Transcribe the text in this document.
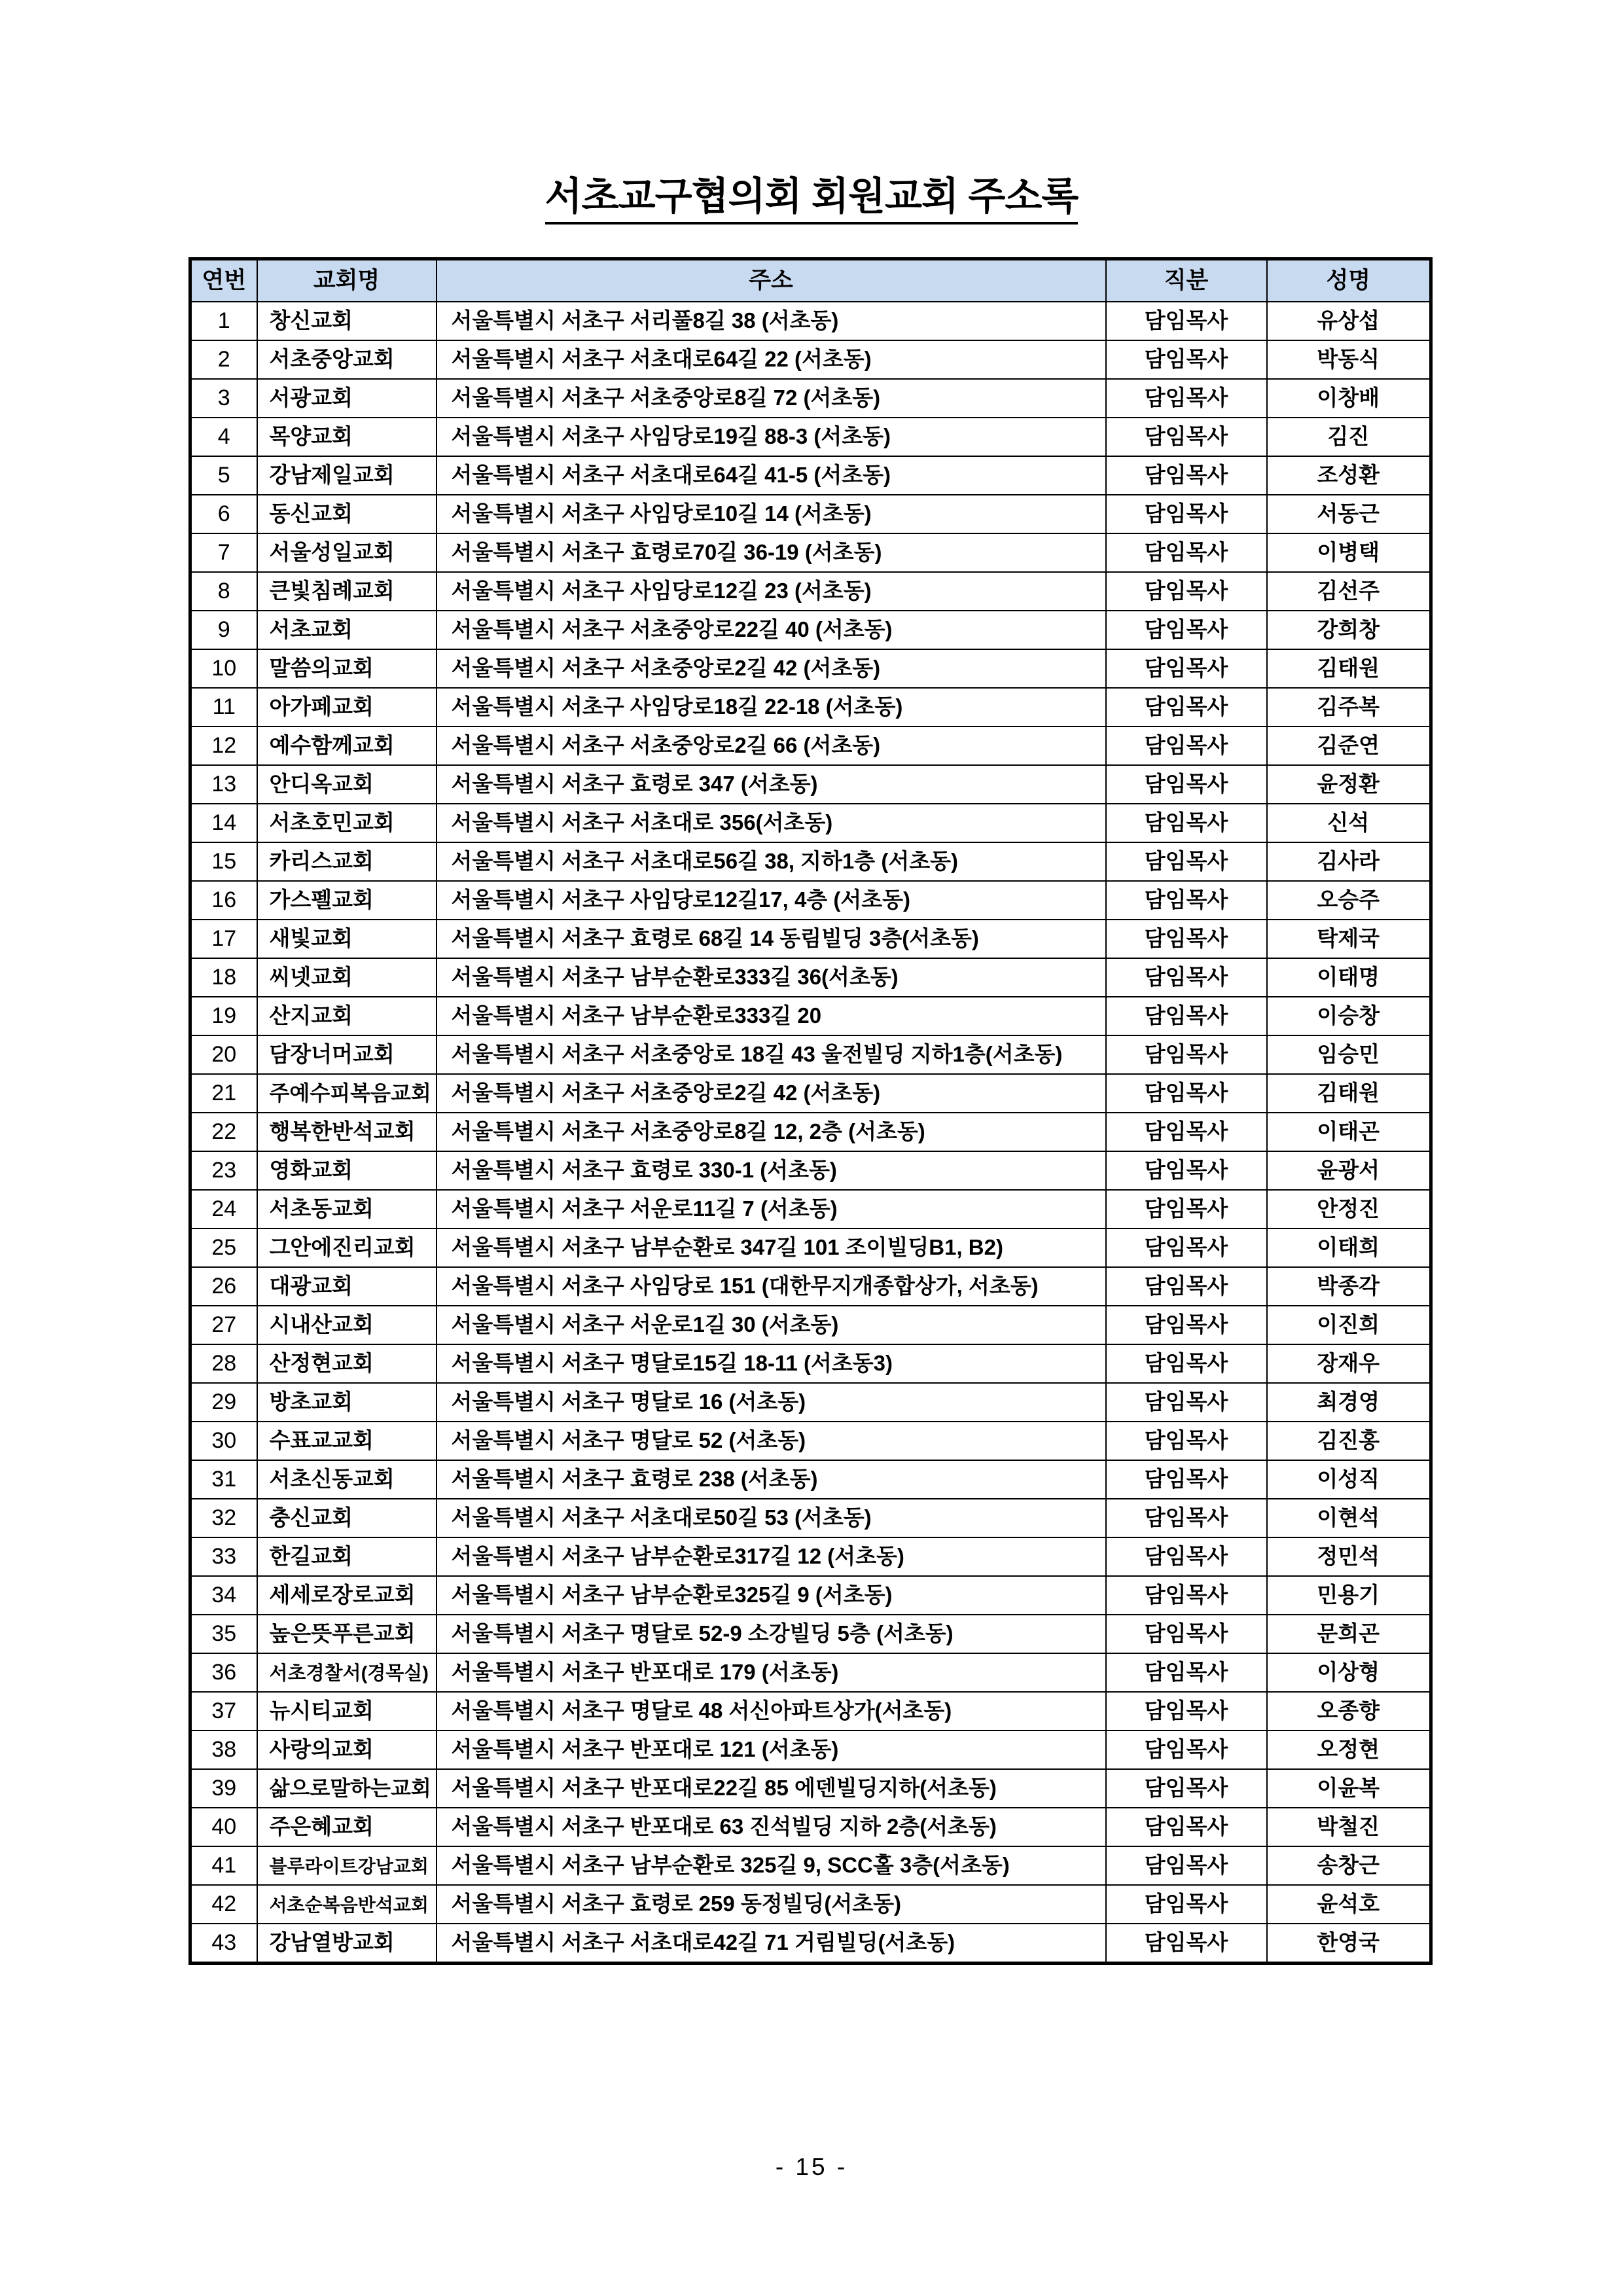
서초교구협의회 회원교회 주소록
연번	교회명	주소	직분	성명
1	창신교회	서울특별시 서초구 서리풀8길 38 (서초동)	담임목사	유상섭
2	서초중앙교회	서울특별시 서초구 서초대로64길 22 (서초동)	담임목사	박동식
3	서광교회	서울특별시 서초구 서초중앙로8길 72 (서초동)	담임목사	이창배
4	목양교회	서울특별시 서초구 사임당로19길 88-3 (서초동)	담임목사	김진
5	강남제일교회	서울특별시 서초구 서초대로64길 41-5 (서초동)	담임목사	조성환
6	동신교회	서울특별시 서초구 사임당로10길 14 (서초동)	담임목사	서동근
7	서울성일교회	서울특별시 서초구 효령로70길 36-19 (서초동)	담임목사	이병택
8	큰빛침례교회	서울특별시 서초구 사임당로12길 23 (서초동)	담임목사	김선주
9	서초교회	서울특별시 서초구 서초중앙로22길 40 (서초동)	담임목사	강희창
10	말씀의교회	서울특별시 서초구 서초중앙로2길 42 (서초동)	담임목사	김태원
11	아가페교회	서울특별시 서초구 사임당로18길 22-18 (서초동)	담임목사	김주복
12	예수함께교회	서울특별시 서초구 서초중앙로2길 66 (서초동)	담임목사	김준연
13	안디옥교회	서울특별시 서초구 효령로 347 (서초동)	담임목사	윤정환
14	서초호민교회	서울특별시 서초구 서초대로 356(서초동)	담임목사	신석
15	카리스교회	서울특별시 서초구 서초대로56길 38, 지하1층 (서초동)	담임목사	김사라
16	가스펠교회	서울특별시 서초구 사임당로12길17, 4층 (서초동)	담임목사	오승주
17	새빛교회	서울특별시 서초구 효령로 68길 14 동림빌딩 3층(서초동)	담임목사	탁제국
18	씨넷교회	서울특별시 서초구 남부순환로333길 36(서초동)	담임목사	이태명
19	산지교회	서울특별시 서초구 남부순환로333길 20	담임목사	이승창
20	담장너머교회	서울특별시 서초구 서초중앙로 18길 43 울전빌딩 지하1층(서초동)	담임목사	임승민
21	주예수피복음교회	서울특별시 서초구 서초중앙로2길 42 (서초동)	담임목사	김태원
22	행복한반석교회	서울특별시 서초구 서초중앙로8길 12, 2층 (서초동)	담임목사	이태곤
23	영화교회	서울특별시 서초구 효령로 330-1 (서초동)	담임목사	윤광서
24	서초동교회	서울특별시 서초구 서운로11길 7 (서초동)	담임목사	안정진
25	그안에진리교회	서울특별시 서초구 남부순환로 347길 101 조이빌딩B1, B2)	담임목사	이태희
26	대광교회	서울특별시 서초구 사임당로 151 (대한무지개종합상가, 서초동)	담임목사	박종각
27	시내산교회	서울특별시 서초구 서운로1길 30 (서초동)	담임목사	이진희
28	산정현교회	서울특별시 서초구 명달로15길 18-11 (서초동3)	담임목사	장재우
29	방초교회	서울특별시 서초구 명달로 16 (서초동)	담임목사	최경영
30	수표교교회	서울특별시 서초구 명달로 52 (서초동)	담임목사	김진홍
31	서초신동교회	서울특별시 서초구 효령로 238 (서초동)	담임목사	이성직
32	충신교회	서울특별시 서초구 서초대로50길 53 (서초동)	담임목사	이현석
33	한길교회	서울특별시 서초구 남부순환로317길 12 (서초동)	담임목사	정민석
34	세세로장로교회	서울특별시 서초구 남부순환로325길 9 (서초동)	담임목사	민용기
35	높은뜻푸른교회	서울특별시 서초구 명달로 52-9 소강빌딩 5층 (서초동)	담임목사	문희곤
36	서초경찰서(경목실)	서울특별시 서초구 반포대로 179 (서초동)	담임목사	이상형
37	뉴시티교회	서울특별시 서초구 명달로 48 서신아파트상가(서초동)	담임목사	오종향
38	사랑의교회	서울특별시 서초구 반포대로 121 (서초동)	담임목사	오정현
39	삶으로말하는교회	서울특별시 서초구 반포대로22길 85 에덴빌딩지하(서초동)	담임목사	이윤복
40	주은혜교회	서울특별시 서초구 반포대로 63 진석빌딩 지하 2층(서초동)	담임목사	박철진
41	블루라이트강남교회	서울특별시 서초구 남부순환로 325길 9, SCC홀 3층(서초동)	담임목사	송창근
42	서초순복음반석교회	서울특별시 서초구 효령로 259 동정빌딩(서초동)	담임목사	윤석호
43	강남열방교회	서울특별시 서초구 서초대로42길 71 거림빌딩(서초동)	담임목사	한영국
- 15 -
